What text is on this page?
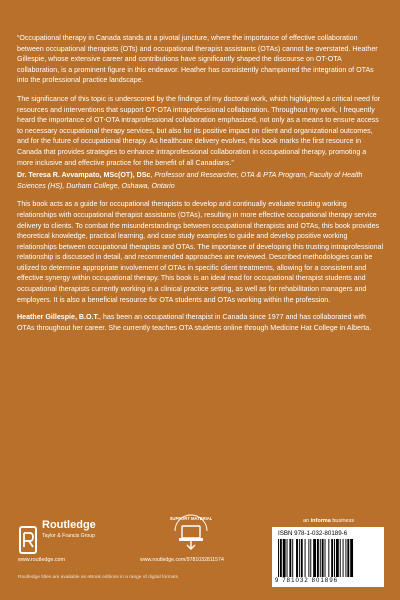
“Occupational therapy in Canada stands at a pivotal juncture, where the importance of effective collaboration between occupational therapists (OTs) and occupational therapist assistants (OTAs) cannot be overstated. Heather Gillespie, whose extensive career and contributions have significantly shaped the discourse on OT-OTA collaboration, is a prominent figure in this endeavor. Heather has consistently championed the integration of OTAs into the professional practice landscape.

The significance of this topic is underscored by the findings of my doctoral work, which highlighted a critical need for resources and interventions that support OT-OTA intraprofessional collaboration. Throughout my work, I frequently heard the importance of OT-OTA intraprofessional collaboration emphasized, not only as a means to ensure access to necessary occupational therapy services, but also for its positive impact on client and organizational outcomes, and for the future of occupational therapy. As healthcare delivery evolves, this book marks the first resource in Canada that provides strategies to enhance intraprofessional collaboration in occupational therapy, promoting a more inclusive and effective practice for the benefit of all Canadians.”

Dr. Teresa R. Avvampato, MSc(OT), DSc, Professor and Researcher, OTA & PTA Program, Faculty of Health Sciences (HS), Durham College, Oshawa, Ontario

This book acts as a guide for occupational therapists to develop and continually evaluate trusting working relationships with occupational therapist assistants (OTAs), resulting in more effective occupational therapy service delivery to clients. To combat the misunderstandings between occupational therapists and OTAs, this book provides theoretical knowledge, practical learning, and case study examples to guide and develop positive working relationships between occupational therapists and OTAs. The importance of developing this trusting intraprofessional relationship is discussed in detail, and recommended approaches are reviewed. Described methodologies can be utilized to determine appropriate involvement of OTAs in specific client treatments, allowing for a consistent and effective synergy within occupational therapy. This book is an ideal read for occupational therapist students and occupational therapists currently working in a clinical practice setting, as well as for rehabilitation managers and employers. It is also a beneficial resource for OTA students and OTAs working within the profession.

Heather Gillespie, B.O.T., has been an occupational therapist in Canada since 1977 and has collaborated with OTAs throughout her career. She currently teaches OTA students online through Medicine Hat College in Alberta.

Routledge
Taylor & Francis Group
www.routledge.com
Routledge titles are available as eBook editions in a range of digital formats
SUPPORT MATERIAL
www.routledge.com/9781032811574
an informa business
ISBN 978-1-032-80189-6
9 781032 801896
